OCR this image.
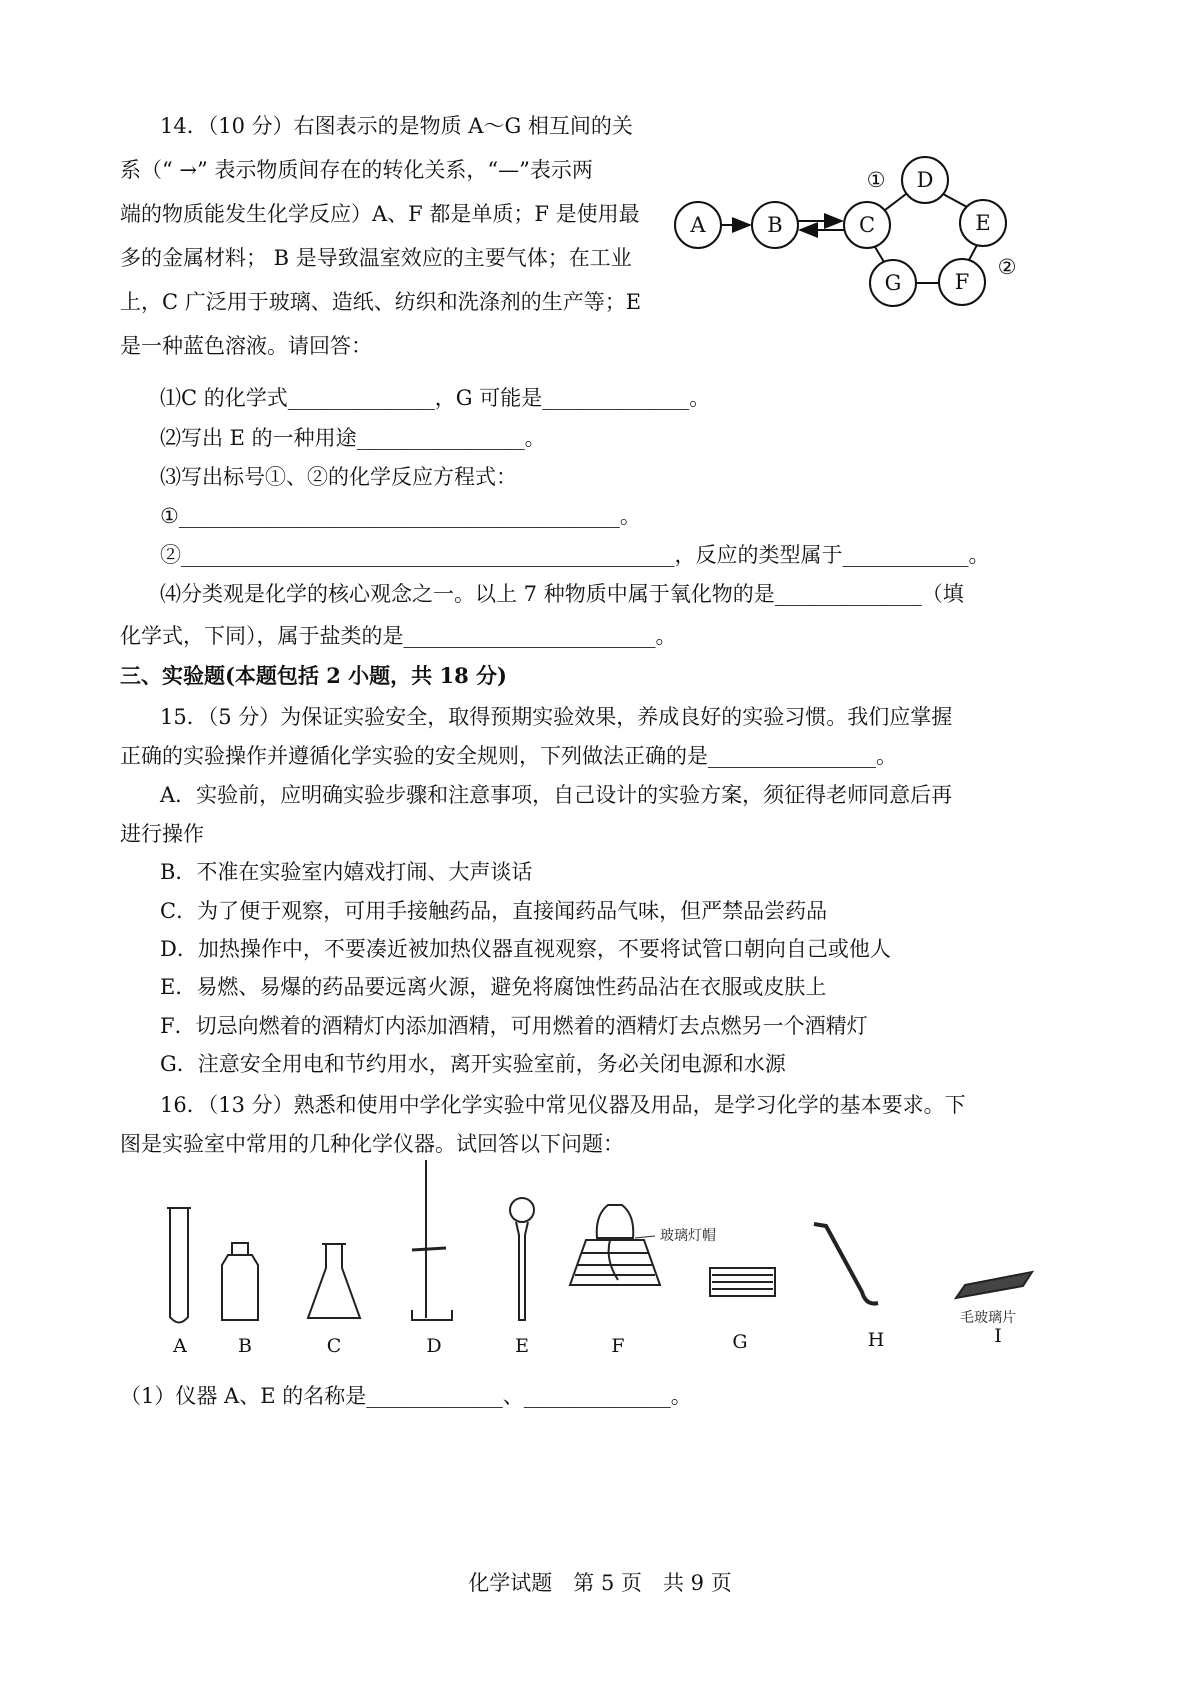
14．（10 分）右图表示的是物质 A～G 相互间的关
系（“ →” 表示物质间存在的转化关系，“—”表示两
端的物质能发生化学反应）A、F 都是单质；F 是使用最
多的金属材料； B 是导致温室效应的主要气体；在工业
上，C 广泛用于玻璃、造纸、纺织和洗涤剂的生产等；E
是一种蓝色溶液。请回答：
A	B	C
D
E
F
G
①
②
⑴C 的化学式______________，G 可能是______________。
⑵写出 E 的一种用途________________。
⑶写出标号①、②的化学反应方程式：
①__________________________________________。
②_______________________________________________，反应的类型属于____________。
⑷分类观是化学的核心观念之一。以上 7 种物质中属于氧化物的是______________（填
化学式，下同），属于盐类的是________________________。
三、实验题(本题包括 2 小题，共 18 分)
15．（5 分）为保证实验安全，取得预期实验效果，养成良好的实验习惯。我们应掌握
正确的实验操作并遵循化学实验的安全规则，下列做法正确的是________________。
A．实验前，应明确实验步骤和注意事项，自己设计的实验方案，须征得老师同意后再
进行操作
B．不准在实验室内嬉戏打闹、大声谈话
C．为了便于观察，可用手接触药品，直接闻药品气味，但严禁品尝药品
D．加热操作中，不要凑近被加热仪器直视观察，不要将试管口朝向自己或他人
E．易燃、易爆的药品要远离火源，避免将腐蚀性药品沾在衣服或皮肤上
F．切忌向燃着的酒精灯内添加酒精，可用燃着的酒精灯去点燃另一个酒精灯
G．注意安全用电和节约用水，离开实验室前，务必关闭电源和水源
16．（13 分）熟悉和使用中学化学实验中常见仪器及用品，是学习化学的基本要求。下
图是实验室中常用的几种化学仪器。试回答以下问题：
A	B	C	D	E	F	G	H	I
玻璃灯帽
毛玻璃片
（1）仪器 A、E 的名称是_____________、______________。
化学试题　第 5 页　共 9 页
